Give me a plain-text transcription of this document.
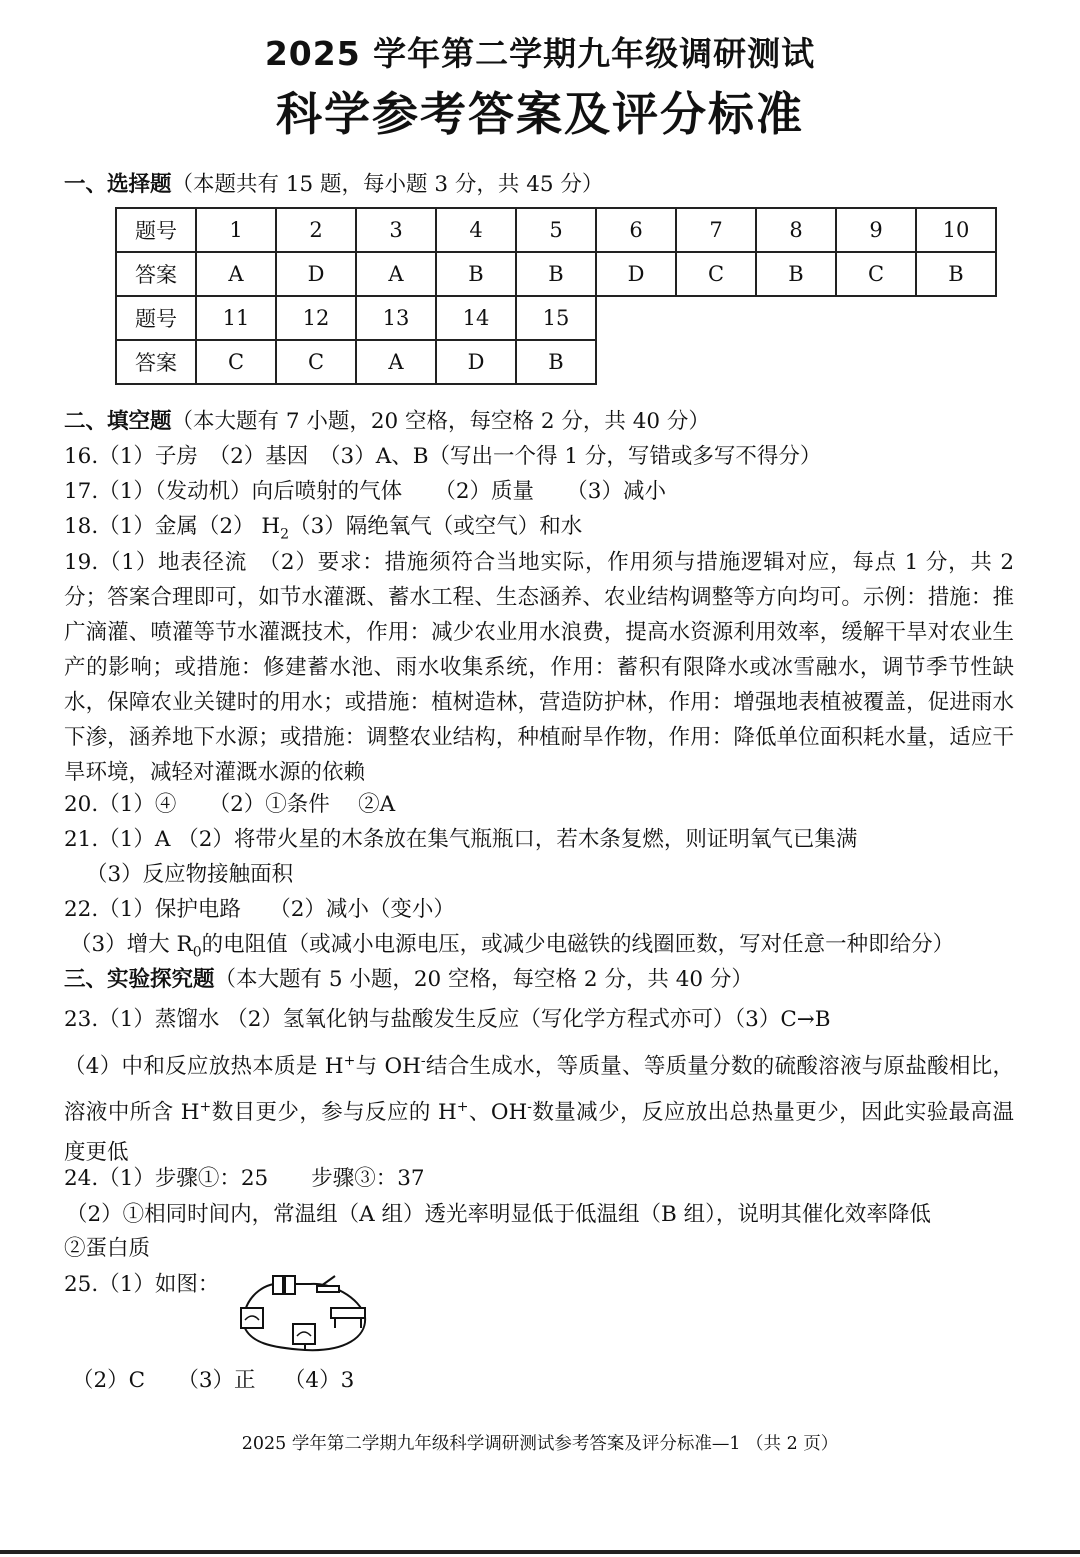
2025 学年第二学期九年级调研测试
科学参考答案及评分标准
一、选择题（本题共有 15 题，每小题 3 分，共 45 分）
题号	1	2	3	4	5	6	7	8	9	10
答案	A	D	A	B	B	D	C	B	C	B
题号	11	12	13	14	15
答案	C	C	A	D	B
二、填空题（本大题有 7 小题，20 空格，每空格 2 分，共 40 分）
16.（1）子房　（2）基因　（3）A、B（写出一个得 1 分，写错或多写不得分）
17.（1）（发动机）向后喷射的气体　　（2）质量　　（3）减小
18.（1）金属（2） $H_2(3)$隔绝氧气（或空气）和水
19.（1）地表径流　（2）要求：措施须符合当地实际，作用须与措施逻辑对应，每点 1 分，共 2 分；答案合理即可，如节水灌溉、蓄水工程、生态涵养、农业结构调整等方向均可。示例：措施：推广滴灌、喷灌等节水灌溉技术，作用：减少农业用水浪费，提高水资源利用效率，缓解干旱对农业生产的影响；或措施：修建蓄水池、雨水收集系统，作用：蓄积有限降水或冰雪融水，调节季节性缺水，保障农业关键时的用水；或措施：植树造林，营造防护林，作用：增强地表植被覆盖，促进雨水下渗，涵养地下水源；或措施：调整农业结构，种植耐旱作物，作用：降低单位面积耗水量，适应干旱环境，减轻对灌溉水源的依赖
20.（1）④　　（2）①条件　 ②A
21.（1）A （2）将带火星的木条放在集气瓶瓶口，若木条复燃，则证明氧气已集满
（3）反应物接触面积
22.（1）保护电路　 （2）减小（变小）
（3）增大 $R_0$的电阻值（或减小电源电压，或减少电磁铁的线圈匝数，写对任意一种即给分）
三、实验探究题（本大题有 5 小题，20 空格，每空格 2 分，共 40 分）
23.（1）蒸馏水 （2）氢氧化钠与盐酸发生反应（写化学方程式亦可）（3）C→B
（4）中和反应放热本质是 H+与 OH-结合生成水，等质量、等质量分数的硫酸溶液与原盐酸相比，溶液中所含 H+数目更少，参与反应的 H+、OH-数量减少，反应放出总热量更少，因此实验最高温度更低
24.（1）步骤①：25　　步骤③：37
（2）①相同时间内，常温组（A 组）透光率明显低于低温组（B 组），说明其催化效率降低
②蛋白质
25.（1）如图：
（2）C　　（3）正　 （4）3
2025 学年第二学期九年级科学调研测试参考答案及评分标准—1 （共 2 页）
